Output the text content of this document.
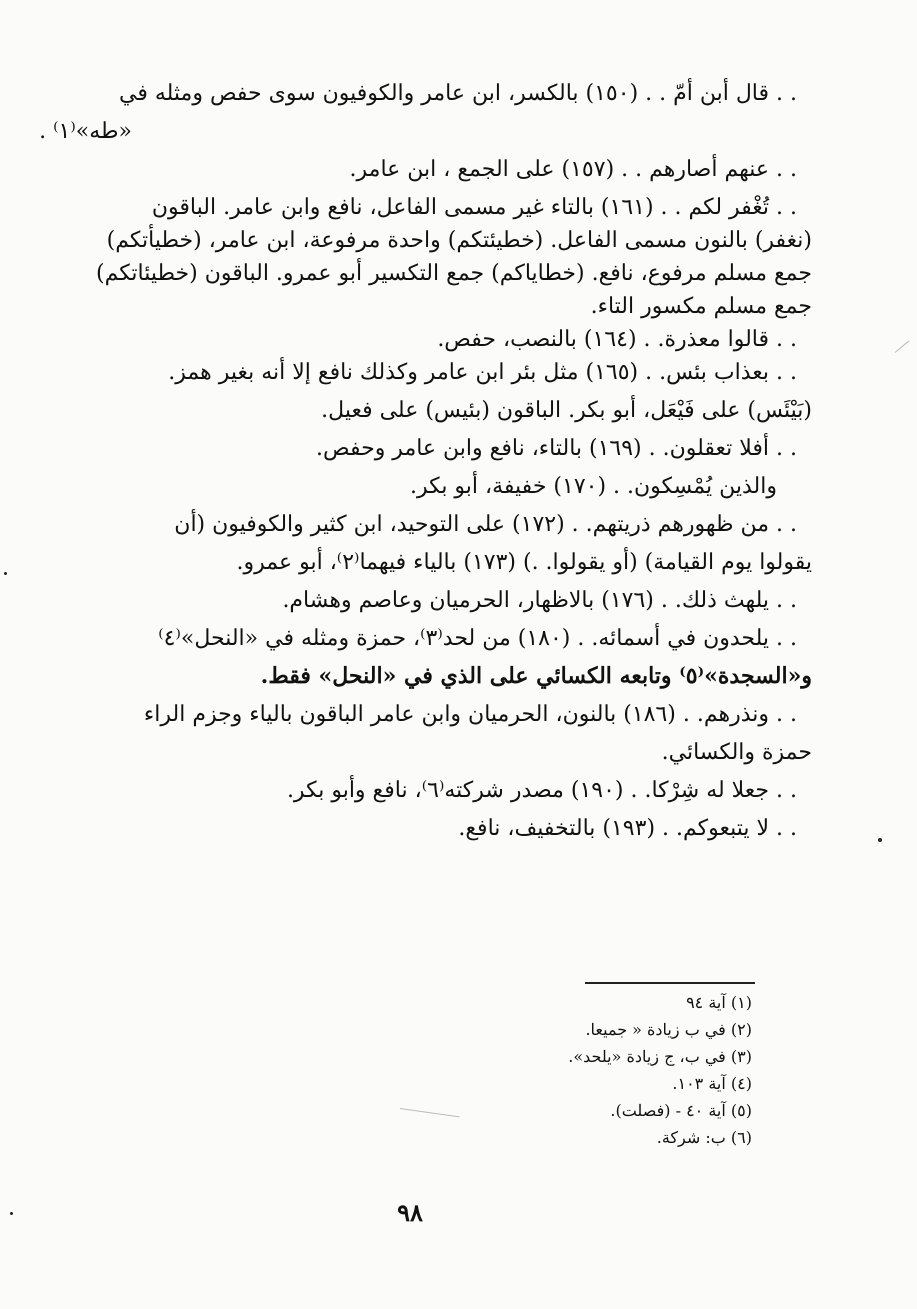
. . قال أبن أمّ . . (١٥٠) بالكسر، ابن عامر والكوفيون سوى حفص ومثله في
«طه»⁽١⁾ .
. . عنهم أصارهم . . (١٥٧) على الجمع ، ابن عامر.
. . تُغْفر لكم . . (١٦١) بالتاء غير مسمى الفاعل، نافع وابن عامر. الباقون
(نغفر) بالنون مسمى الفاعل. (خطيئتكم) واحدة مرفوعة، ابن عامر، (خطيأتكم)
جمع مسلم مرفوع، نافع. (خطاياكم) جمع التكسير أبو عمرو. الباقون (خطيئاتكم)
جمع مسلم مكسور التاء.
. . قالوا معذرة. . (١٦٤) بالنصب، حفص.
. . بعذاب بئس. . (١٦٥) مثل بئر ابن عامر وكذلك نافع إلا أنه بغير همز.
(بَيْئَس) على فَيْعَل، أبو بكر. الباقون (بئيس) على فعيل.
. . أفلا تعقلون. . (١٦٩) بالتاء، نافع وابن عامر وحفص.
والذين يُمْسِكون. . (١٧٠) خفيفة، أبو بكر.
. . من ظهورهم ذريتهم. . (١٧٢) على التوحيد، ابن كثير والكوفيون (أن
يقولوا يوم القيامة) (أو يقولوا. .) (١٧٣) بالياء فيهما⁽٢⁾، أبو عمرو.
. . يلهث ذلك. . (١٧٦) بالاظهار، الحرميان وعاصم وهشام.
. . يلحدون في أسمائه. . (١٨٠) من لحد⁽٣⁾، حمزة ومثله في «النحل»⁽٤⁾
و«السجدة»⁽٥⁾ وتابعه الكسائي على الذي في «النحل» فقط.
. . ونذرهم. . (١٨٦) بالنون، الحرميان وابن عامر الباقون بالياء وجزم الراء
حمزة والكسائي.
. . جعلا له شِرْكا. . (١٩٠) مصدر شركته⁽٦⁾، نافع وأبو بكر.
. . لا يتبعوكم. . (١٩٣) بالتخفيف، نافع.
(١) آية ٩٤
(٢) في ب زيادة « جميعا.
(٣) في ب، ج زيادة «يلحد».
(٤) آية ١٠٣.
(٥) آية ٤٠ - (فصلت).
(٦) ب: شركة.
٩٨
